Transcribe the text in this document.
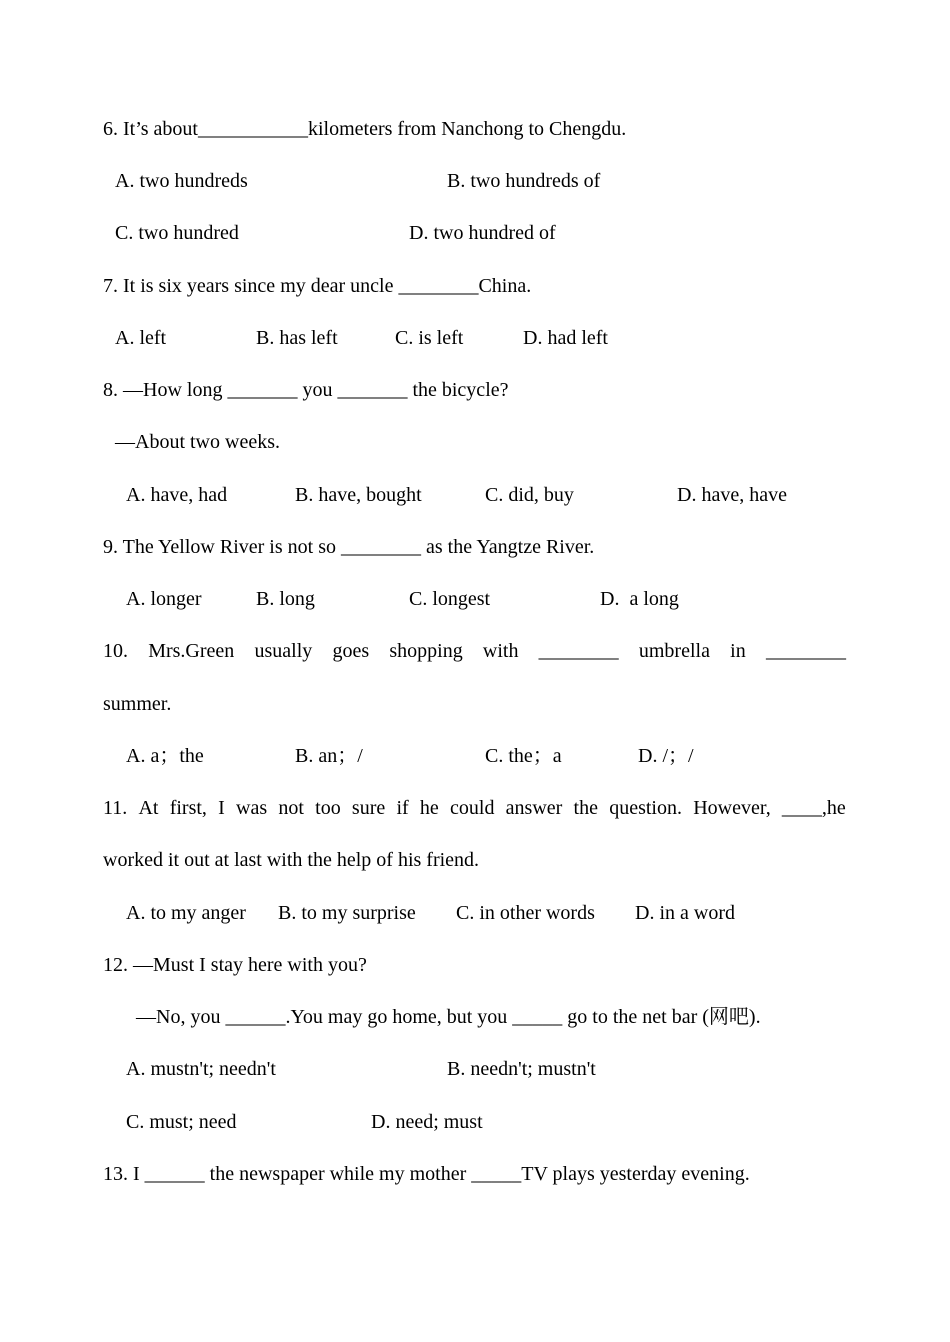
6. It’s about___________kilometers from Nanchong to Chengdu.
A. two hundreds	B. two hundreds of
C. two hundred	D. two hundred of
7. It is six years since my dear uncle ________China.
A. left	B. has left	C. is left	D. had left
8. —How long _______ you _______ the bicycle?
—About two weeks.
A. have, had	B. have, bought	C. did, buy	D. have, have
9. The Yellow River is not so ________ as the Yangtze River.
A. longer	B. long	C. longest	D.  a long
10. Mrs.Green usually goes shopping with ________ umbrella in ________
summer.
A. a；the	B. an；/	C. the；a	D. /；/
11. At first, I was not too sure if he could answer the question. However, ____,he
worked it out at last with the help of his friend.
A. to my anger B. to my surprise C. in other words D. in a word
12. —Must I stay here with you?
—No, you ______.You may go home, but you _____ go to the net bar (网吧).
A. mustn't; needn't	B. needn't; mustn't
C. must; need	D. need; must
13. I ______ the newspaper while my mother _____TV plays yesterday evening.
